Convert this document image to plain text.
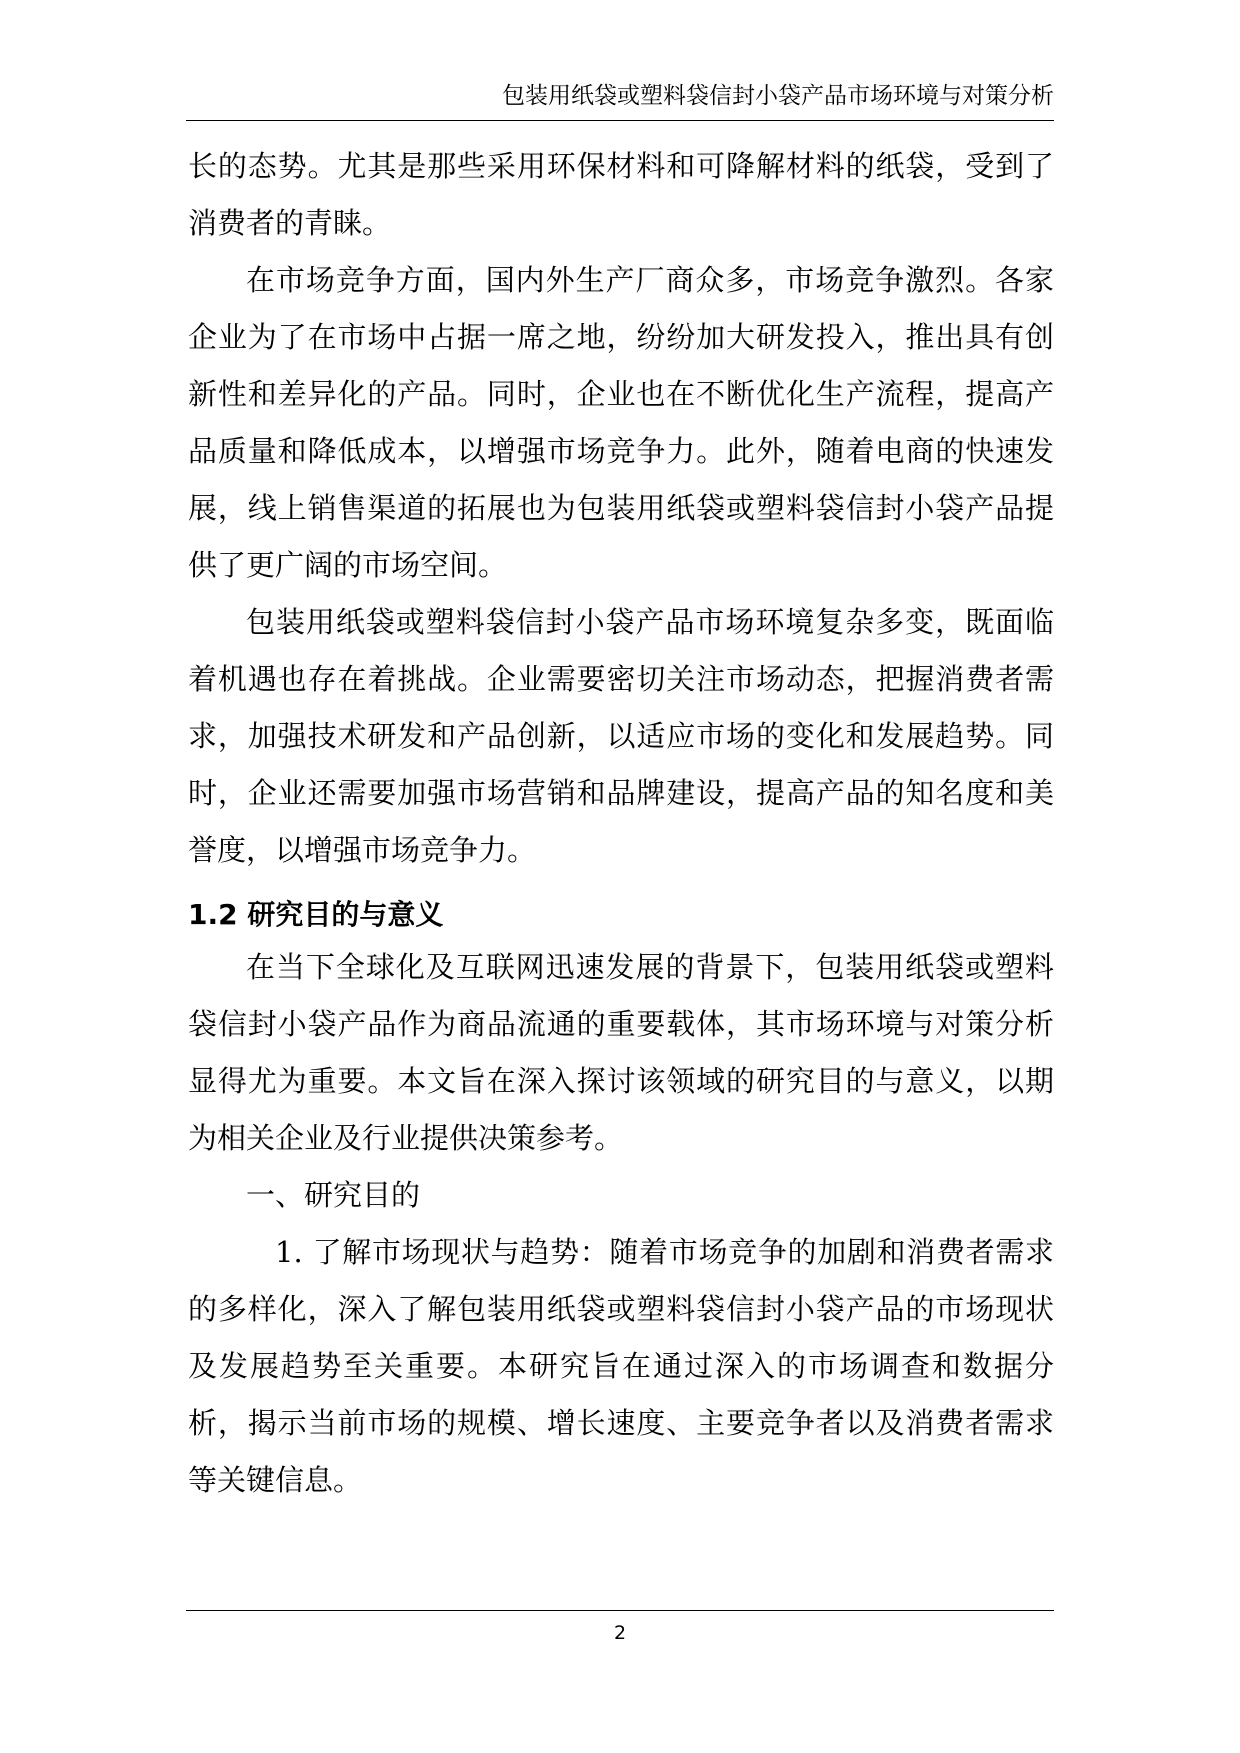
包装用纸袋或塑料袋信封小袋产品市场环境与对策分析

长的态势。尤其是那些采用环保材料和可降解材料的纸袋，受到了消费者的青睐。

在市场竞争方面，国内外生产厂商众多，市场竞争激烈。各家企业为了在市场中占据一席之地，纷纷加大研发投入，推出具有创新性和差异化的产品。同时，企业也在不断优化生产流程，提高产品质量和降低成本，以增强市场竞争力。此外，随着电商的快速发展，线上销售渠道的拓展也为包装用纸袋或塑料袋信封小袋产品提供了更广阔的市场空间。

包装用纸袋或塑料袋信封小袋产品市场环境复杂多变，既面临着机遇也存在着挑战。企业需要密切关注市场动态，把握消费者需求，加强技术研发和产品创新，以适应市场的变化和发展趋势。同时，企业还需要加强市场营销和品牌建设，提高产品的知名度和美誉度，以增强市场竞争力。

1.2 研究目的与意义

在当下全球化及互联网迅速发展的背景下，包装用纸袋或塑料袋信封小袋产品作为商品流通的重要载体，其市场环境与对策分析显得尤为重要。本文旨在深入探讨该领域的研究目的与意义，以期为相关企业及行业提供决策参考。

一、研究目的

1. 了解市场现状与趋势：随着市场竞争的加剧和消费者需求的多样化，深入了解包装用纸袋或塑料袋信封小袋产品的市场现状及发展趋势至关重要。本研究旨在通过深入的市场调查和数据分析，揭示当前市场的规模、增长速度、主要竞争者以及消费者需求等关键信息。

2
